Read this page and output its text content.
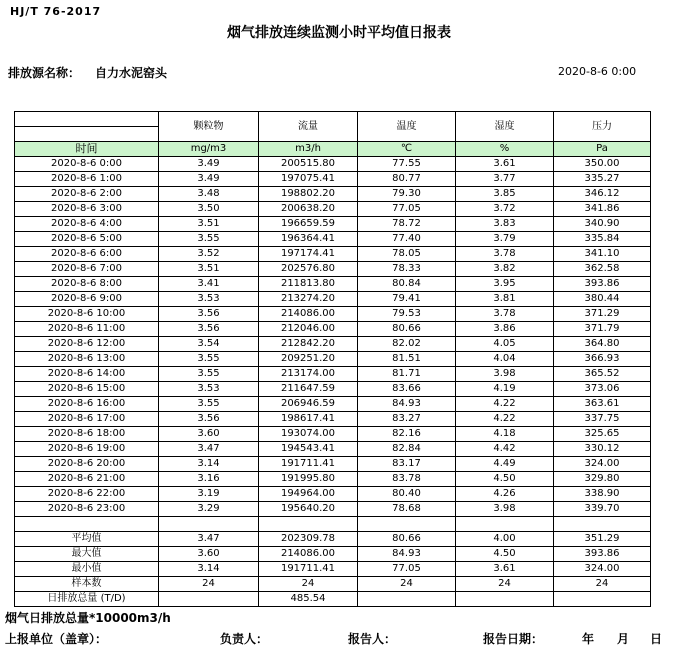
HJ/T 76-2017
烟气排放连续监测小时平均值日报表
排放源名称： 自力水泥窑头	2020-8-6 0:00
	颗粒物	流量	温度	湿度	压力

时间	mg/m3	m3/h	℃	%	Pa
2020-8-6 0:00	3.49	200515.80	77.55	3.61	350.00
2020-8-6 1:00	3.49	197075.41	80.77	3.77	335.27
2020-8-6 2:00	3.48	198802.20	79.30	3.85	346.12
2020-8-6 3:00	3.50	200638.20	77.05	3.72	341.86
2020-8-6 4:00	3.51	196659.59	78.72	3.83	340.90
2020-8-6 5:00	3.55	196364.41	77.40	3.79	335.84
2020-8-6 6:00	3.52	197174.41	78.05	3.78	341.10
2020-8-6 7:00	3.51	202576.80	78.33	3.82	362.58
2020-8-6 8:00	3.41	211813.80	80.84	3.95	393.86
2020-8-6 9:00	3.53	213274.20	79.41	3.81	380.44
2020-8-6 10:00	3.56	214086.00	79.53	3.78	371.29
2020-8-6 11:00	3.56	212046.00	80.66	3.86	371.79
2020-8-6 12:00	3.54	212842.20	82.02	4.05	364.80
2020-8-6 13:00	3.55	209251.20	81.51	4.04	366.93
2020-8-6 14:00	3.55	213174.00	81.71	3.98	365.52
2020-8-6 15:00	3.53	211647.59	83.66	4.19	373.06
2020-8-6 16:00	3.55	206946.59	84.93	4.22	363.61
2020-8-6 17:00	3.56	198617.41	83.27	4.22	337.75
2020-8-6 18:00	3.60	193074.00	82.16	4.18	325.65
2020-8-6 19:00	3.47	194543.41	82.84	4.42	330.12
2020-8-6 20:00	3.14	191711.41	83.17	4.49	324.00
2020-8-6 21:00	3.16	191995.80	83.78	4.50	329.80
2020-8-6 22:00	3.19	194964.00	80.40	4.26	338.90
2020-8-6 23:00	3.29	195640.20	78.68	3.98	339.70

平均值	3.47	202309.78	80.66	4.00	351.29
最大值	3.60	214086.00	84.93	4.50	393.86
最小值	3.14	191711.41	77.05	3.61	324.00
样本数	24	24	24	24	24
日排放总量 (T/D)		485.54			
烟气日排放总量*10000m3/h
上报单位（盖章）：	负责人：	报告人：	报告日期：	年 月 日
